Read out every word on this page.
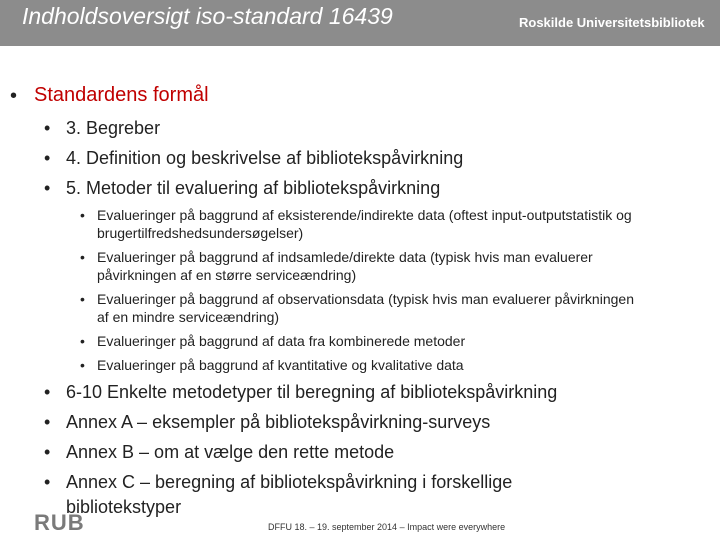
Indholdsoversigt iso-standard 16439	Roskilde Universitetsbibliotek
• Standardens formål
• 3. Begreber
• 4. Definition og beskrivelse af bibliotekspåvirkning
• 5. Metoder til evaluering af bibliotekspåvirkning
• Evalueringer på baggrund af eksisterende/indirekte data (oftest input-outputstatistik og
brugertilfredshedsundersøgelser)
• Evalueringer på baggrund af indsamlede/direkte data (typisk hvis man evaluerer
påvirkningen af en større serviceændring)
• Evalueringer på baggrund af observationsdata (typisk hvis man evaluerer påvirkningen
af en mindre serviceændring)
• Evalueringer på baggrund af data fra kombinerede metoder
• Evalueringer på baggrund af kvantitative og kvalitative data
• 6-10 Enkelte metodetyper til beregning af bibliotekspåvirkning
• Annex A – eksempler på bibliotekspåvirkning-surveys
• Annex B – om at vælge den rette metode
• Annex C – beregning af bibliotekspåvirkning i forskellige
bibliotekstyper
RUB	DFFU 18. – 19. september 2014 – Impact were everywhere
